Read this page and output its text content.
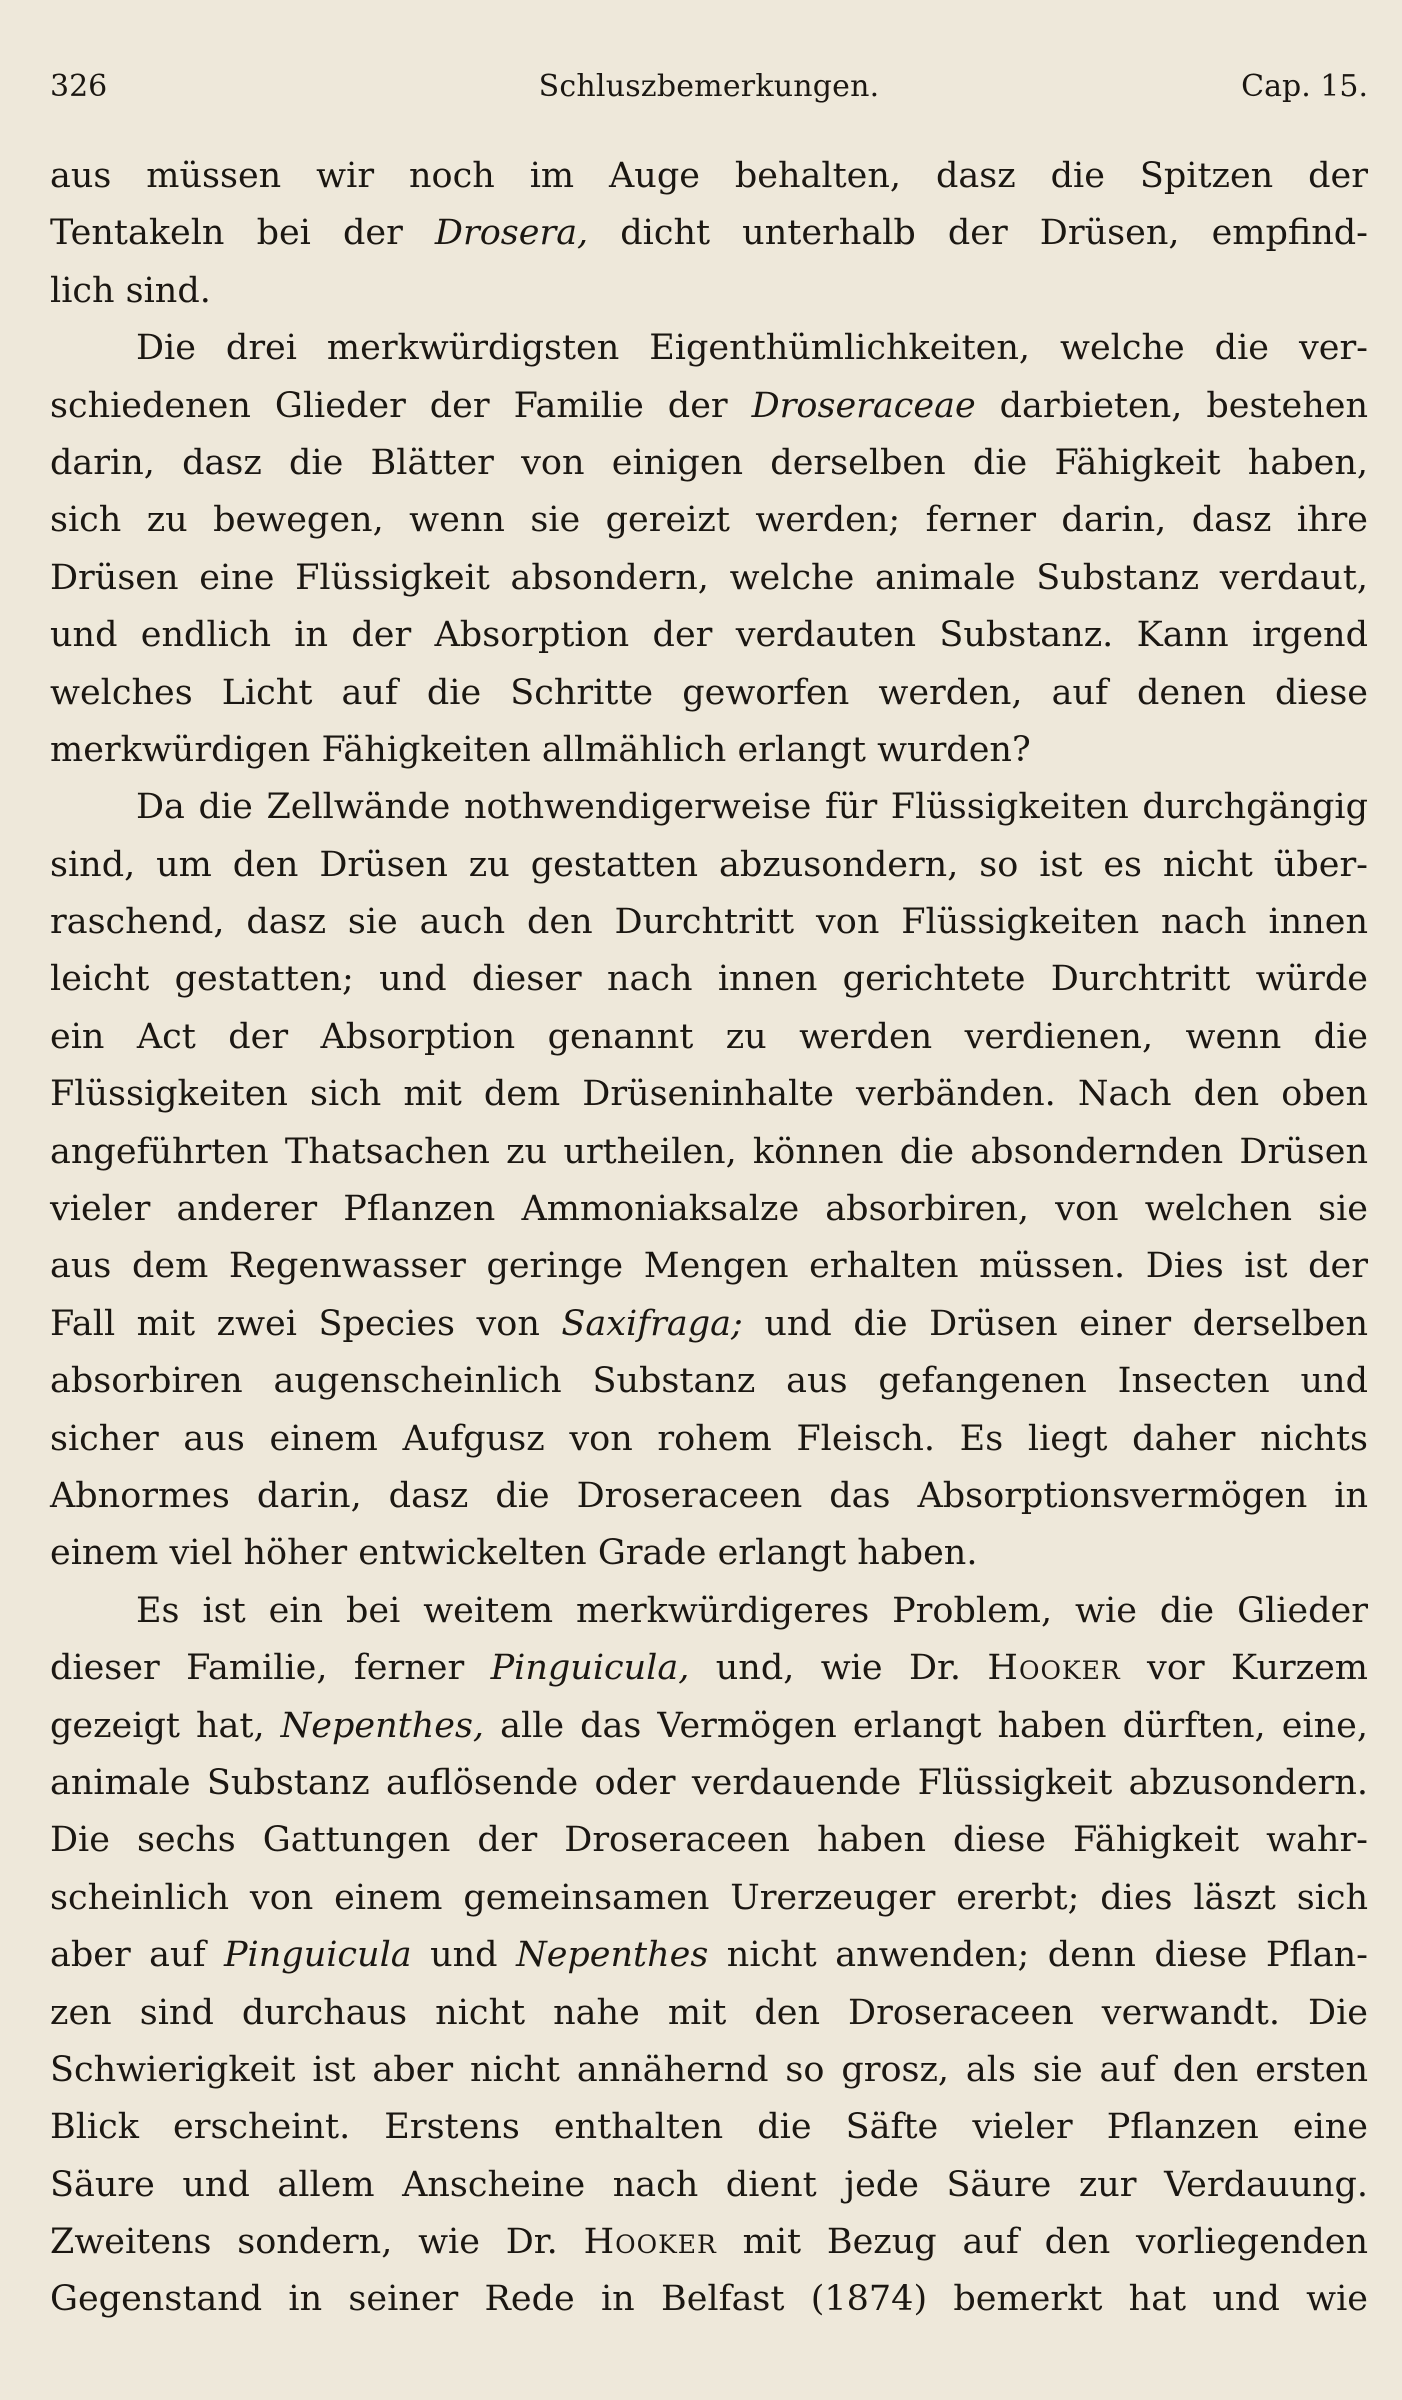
326	Schluszbemerkungen.	Cap. 15.
aus müssen wir noch im Auge behalten, dasz die Spitzen der
Tentakeln bei der Drosera, dicht unterhalb der Drüsen, empfind-
lich sind.
Die drei merkwürdigsten Eigenthümlichkeiten, welche die ver-
schiedenen Glieder der Familie der Droseraceae darbieten, bestehen
darin, dasz die Blätter von einigen derselben die Fähigkeit haben,
sich zu bewegen, wenn sie gereizt werden; ferner darin, dasz ihre
Drüsen eine Flüssigkeit absondern, welche animale Substanz verdaut,
und endlich in der Absorption der verdauten Substanz. Kann irgend
welches Licht auf die Schritte geworfen werden, auf denen diese
merkwürdigen Fähigkeiten allmählich erlangt wurden?
Da die Zellwände nothwendigerweise für Flüssigkeiten durchgängig
sind, um den Drüsen zu gestatten abzusondern, so ist es nicht über-
raschend, dasz sie auch den Durchtritt von Flüssigkeiten nach innen
leicht gestatten; und dieser nach innen gerichtete Durchtritt würde
ein Act der Absorption genannt zu werden verdienen, wenn die
Flüssigkeiten sich mit dem Drüseninhalte verbänden. Nach den oben
angeführten Thatsachen zu urtheilen, können die absondernden Drüsen
vieler anderer Pflanzen Ammoniaksalze absorbiren, von welchen sie
aus dem Regenwasser geringe Mengen erhalten müssen. Dies ist der
Fall mit zwei Species von Saxifraga; und die Drüsen einer derselben
absorbiren augenscheinlich Substanz aus gefangenen Insecten und
sicher aus einem Aufgusz von rohem Fleisch. Es liegt daher nichts
Abnormes darin, dasz die Droseraceen das Absorptionsvermögen in
einem viel höher entwickelten Grade erlangt haben.
Es ist ein bei weitem merkwürdigeres Problem, wie die Glieder
dieser Familie, ferner Pinguicula, und, wie Dr. Hooker vor Kurzem
gezeigt hat, Nepenthes, alle das Vermögen erlangt haben dürften, eine,
animale Substanz auflösende oder verdauende Flüssigkeit abzusondern.
Die sechs Gattungen der Droseraceen haben diese Fähigkeit wahr-
scheinlich von einem gemeinsamen Urerzeuger ererbt; dies läszt sich
aber auf Pinguicula und Nepenthes nicht anwenden; denn diese Pflan-
zen sind durchaus nicht nahe mit den Droseraceen verwandt. Die
Schwierigkeit ist aber nicht annähernd so grosz, als sie auf den ersten
Blick erscheint. Erstens enthalten die Säfte vieler Pflanzen eine
Säure und allem Anscheine nach dient jede Säure zur Verdauung.
Zweitens sondern, wie Dr. Hooker mit Bezug auf den vorliegenden
Gegenstand in seiner Rede in Belfast (1874) bemerkt hat und wie
